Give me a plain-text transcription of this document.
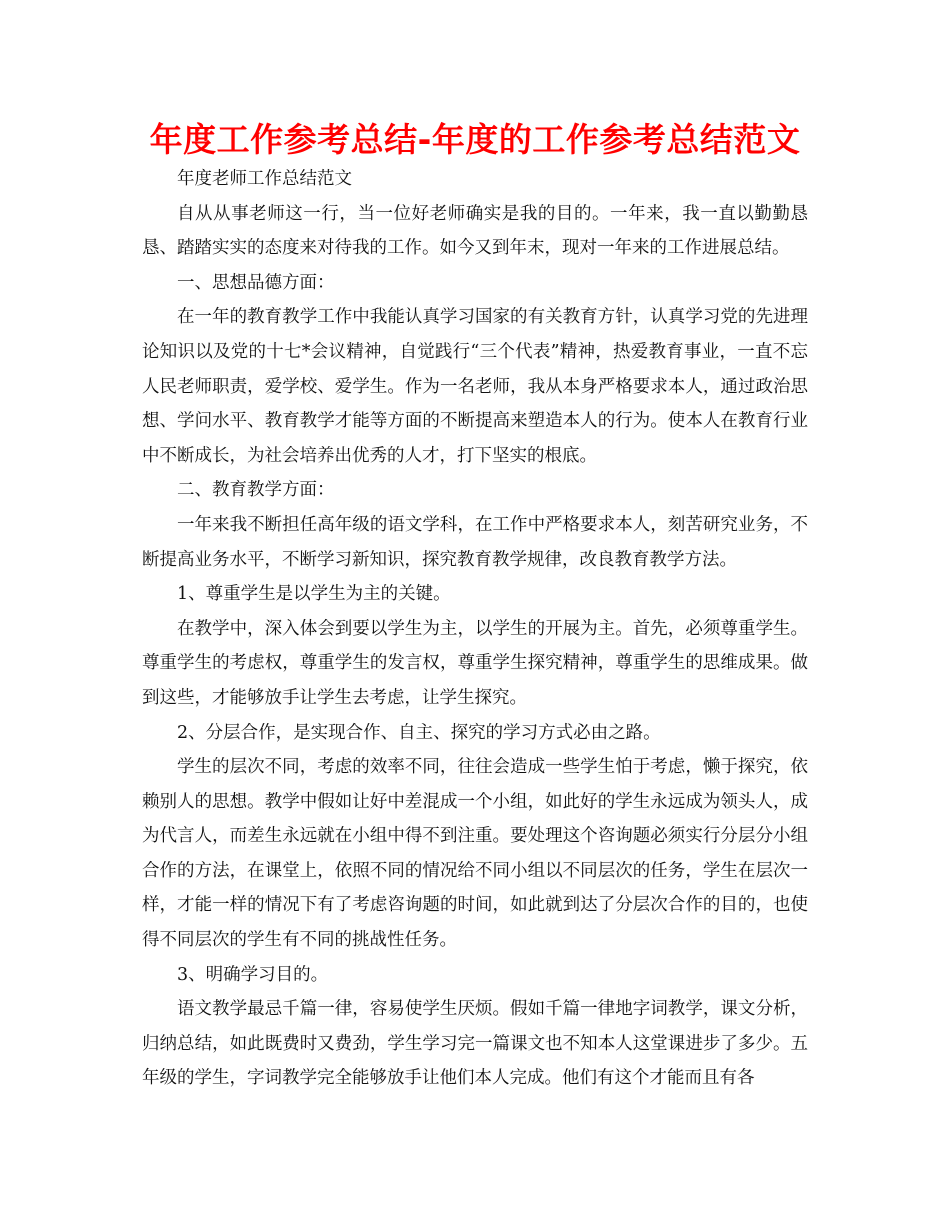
年度工作参考总结-年度的工作参考总结范文

年度老师工作总结范文

自从从事老师这一行，当一位好老师确实是我的目的。一年来，我一直以勤勤恳恳、踏踏实实的态度来对待我的工作。如今又到年末，现对一年来的工作进展总结。

一、思想品德方面：

在一年的教育教学工作中我能认真学习国家的有关教育方针，认真学习党的先进理论知识以及党的十七*会议精神，自觉践行“三个代表”精神，热爱教育事业，一直不忘人民老师职责，爱学校、爱学生。作为一名老师，我从本身严格要求本人，通过政治思想、学问水平、教育教学才能等方面的不断提高来塑造本人的行为。使本人在教育行业中不断成长，为社会培养出优秀的人才，打下坚实的根底。

二、教育教学方面：

一年来我不断担任高年级的语文学科，在工作中严格要求本人，刻苦研究业务，不断提高业务水平，不断学习新知识，探究教育教学规律，改良教育教学方法。

1、尊重学生是以学生为主的关键。

在教学中，深入体会到要以学生为主，以学生的开展为主。首先，必须尊重学生。尊重学生的考虑权，尊重学生的发言权，尊重学生探究精神，尊重学生的思维成果。做到这些，才能够放手让学生去考虑，让学生探究。

2、分层合作，是实现合作、自主、探究的学习方式必由之路。

学生的层次不同，考虑的效率不同，往往会造成一些学生怕于考虑，懒于探究，依赖别人的思想。教学中假如让好中差混成一个小组，如此好的学生永远成为领头人，成为代言人，而差生永远就在小组中得不到注重。要处理这个咨询题必须实行分层分小组合作的方法，在课堂上，依照不同的情况给不同小组以不同层次的任务，学生在层次一样，才能一样的情况下有了考虑咨询题的时间，如此就到达了分层次合作的目的，也使得不同层次的学生有不同的挑战性任务。

3、明确学习目的。

语文教学最忌千篇一律，容易使学生厌烦。假如千篇一律地字词教学，课文分析，归纳总结，如此既费时又费劲，学生学习完一篇课文也不知本人这堂课进步了多少。五年级的学生，字词教学完全能够放手让他们本人完成。他们有这个才能而且有各
